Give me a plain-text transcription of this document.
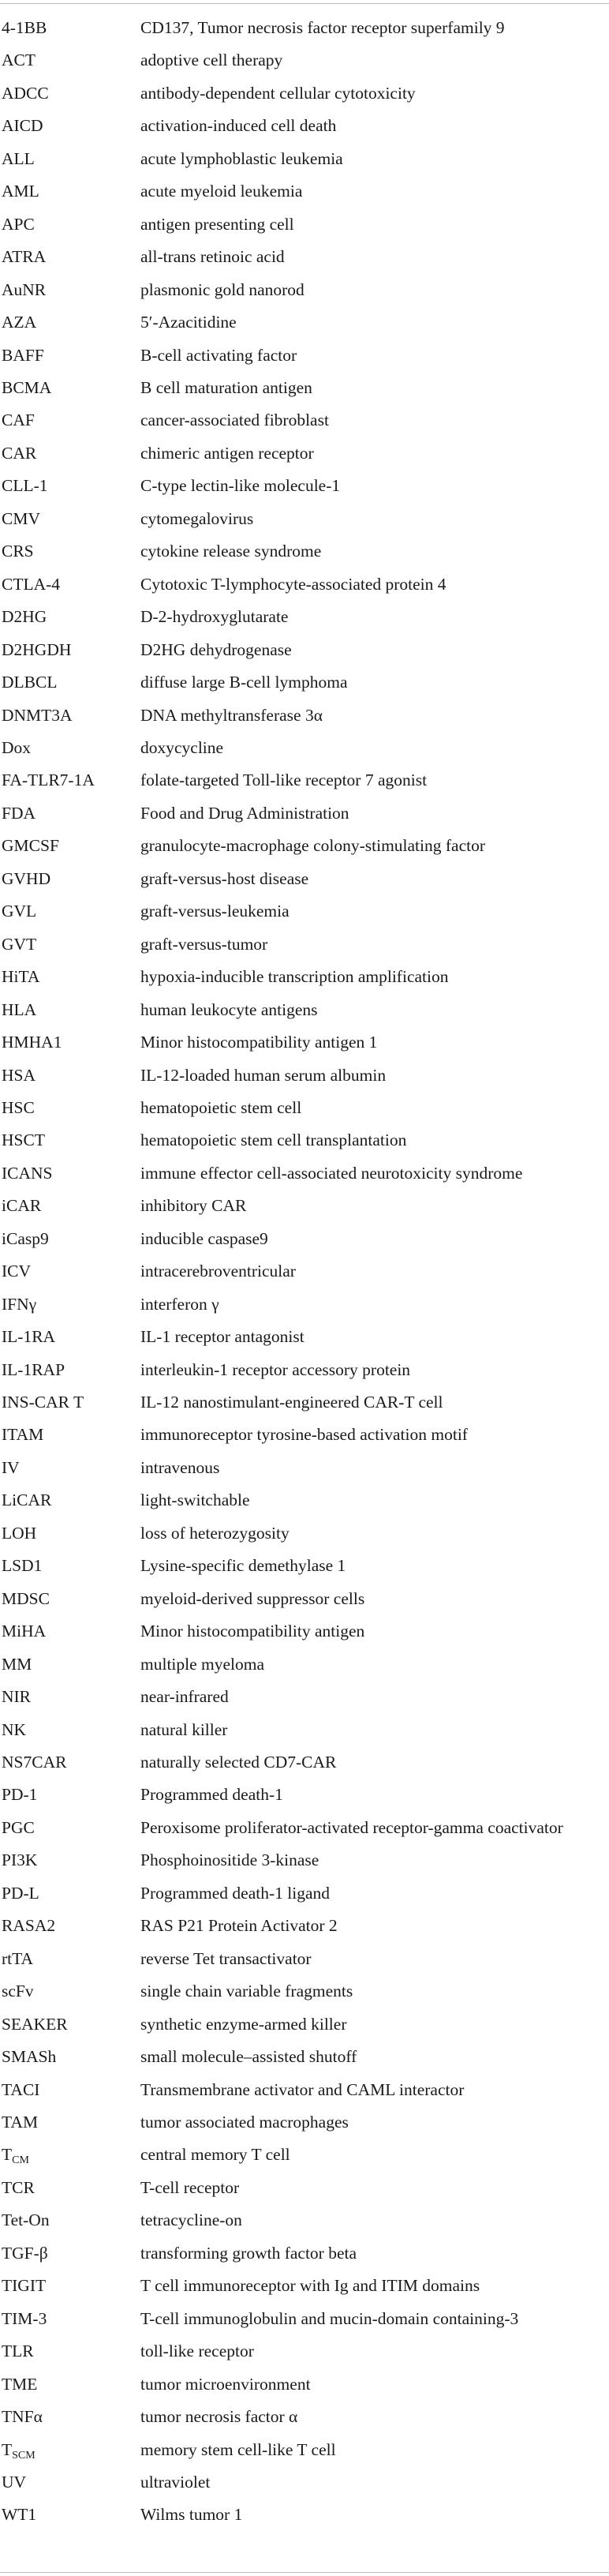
4-1BB	CD137, Tumor necrosis factor receptor superfamily 9
ACT	adoptive cell therapy
ADCC	antibody-dependent cellular cytotoxicity
AICD	activation-induced cell death
ALL	acute lymphoblastic leukemia
AML	acute myeloid leukemia
APC	antigen presenting cell
ATRA	all-trans retinoic acid
AuNR	plasmonic gold nanorod
AZA	5′-Azacitidine
BAFF	B-cell activating factor
BCMA	B cell maturation antigen
CAF	cancer-associated fibroblast
CAR	chimeric antigen receptor
CLL-1	C-type lectin-like molecule-1
CMV	cytomegalovirus
CRS	cytokine release syndrome
CTLA-4	Cytotoxic T-lymphocyte-associated protein 4
D2HG	D-2-hydroxyglutarate
D2HGDH	D2HG dehydrogenase
DLBCL	diffuse large B-cell lymphoma
DNMT3A	DNA methyltransferase 3α
Dox	doxycycline
FA-TLR7-1A	folate-targeted Toll-like receptor 7 agonist
FDA	Food and Drug Administration
GMCSF	granulocyte-macrophage colony-stimulating factor
GVHD	graft-versus-host disease
GVL	graft-versus-leukemia
GVT	graft-versus-tumor
HiTA	hypoxia-inducible transcription amplification
HLA	human leukocyte antigens
HMHA1	Minor histocompatibility antigen 1
HSA	IL-12-loaded human serum albumin
HSC	hematopoietic stem cell
HSCT	hematopoietic stem cell transplantation
ICANS	immune effector cell-associated neurotoxicity syndrome
iCAR	inhibitory CAR
iCasp9	inducible caspase9
ICV	intracerebroventricular
IFNγ	interferon γ
IL-1RA	IL-1 receptor antagonist
IL-1RAP	interleukin-1 receptor accessory protein
INS-CAR T	IL-12 nanostimulant-engineered CAR-T cell
ITAM	immunoreceptor tyrosine-based activation motif
IV	intravenous
LiCAR	light-switchable
LOH	loss of heterozygosity
LSD1	Lysine-specific demethylase 1
MDSC	myeloid-derived suppressor cells
MiHA	Minor histocompatibility antigen
MM	multiple myeloma
NIR	near-infrared
NK	natural killer
NS7CAR	naturally selected CD7-CAR
PD-1	Programmed death-1
PGC	Peroxisome proliferator-activated receptor-gamma coactivator
PI3K	Phosphoinositide 3-kinase
PD-L	Programmed death-1 ligand
RASA2	RAS P21 Protein Activator 2
rtTA	reverse Tet transactivator
scFv	single chain variable fragments
SEAKER	synthetic enzyme-armed killer
SMASh	small molecule–assisted shutoff
TACI	Transmembrane activator and CAML interactor
TAM	tumor associated macrophages
$T_{CM}$	central memory T cell
TCR	T-cell receptor
Tet-On	tetracycline-on
TGF-β	transforming growth factor beta
TIGIT	T cell immunoreceptor with Ig and ITIM domains
TIM-3	T-cell immunoglobulin and mucin-domain containing-3
TLR	toll-like receptor
TME	tumor microenvironment
TNFα	tumor necrosis factor α
$T_{SCM}$	memory stem cell-like T cell
UV	ultraviolet
WT1	Wilms tumor 1
